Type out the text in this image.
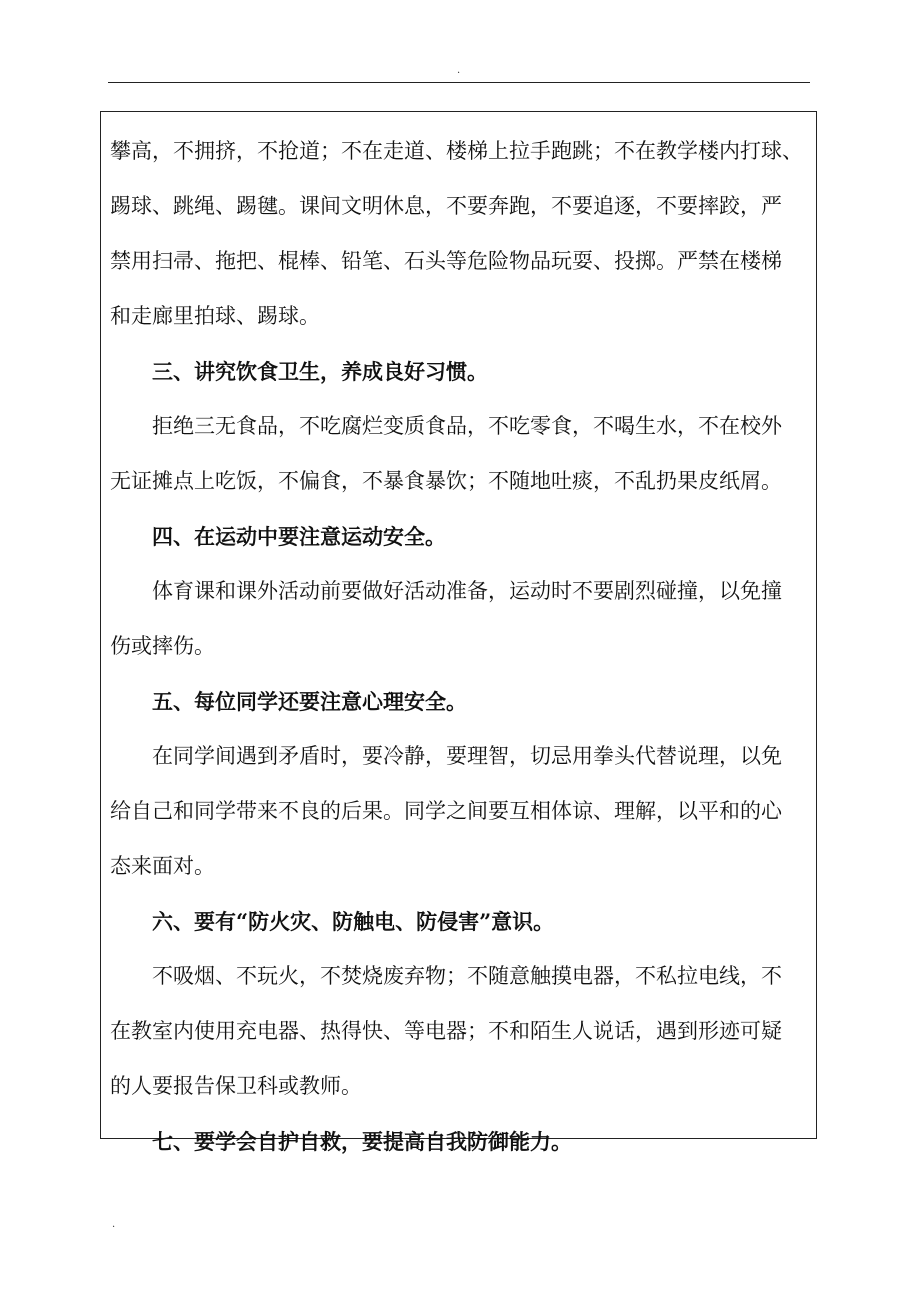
.

攀高，不拥挤，不抢道；不在走道、楼梯上拉手跑跳；不在教学楼内打球、

踢球、跳绳、踢毽。课间文明休息，不要奔跑，不要追逐，不要摔跤，严

禁用扫帚、拖把、棍棒、铅笔、石头等危险物品玩耍、投掷。严禁在楼梯

和走廊里拍球、踢球。

三、讲究饮食卫生，养成良好习惯。

拒绝三无食品，不吃腐烂变质食品，不吃零食，不喝生水，不在校外

无证摊点上吃饭，不偏食，不暴食暴饮；不随地吐痰，不乱扔果皮纸屑。

四、在运动中要注意运动安全。

体育课和课外活动前要做好活动准备，运动时不要剧烈碰撞，以免撞

伤或摔伤。

五、每位同学还要注意心理安全。

在同学间遇到矛盾时，要冷静，要理智，切忌用拳头代替说理，以免

给自己和同学带来不良的后果。同学之间要互相体谅、理解，以平和的心

态来面对。

六、要有“防火灾、防触电、防侵害”意识。

不吸烟、不玩火，不焚烧废弃物；不随意触摸电器，不私拉电线，不

在教室内使用充电器、热得快、等电器；不和陌生人说话，遇到形迹可疑

的人要报告保卫科或教师。

七、要学会自护自救，要提高自我防御能力。

.
